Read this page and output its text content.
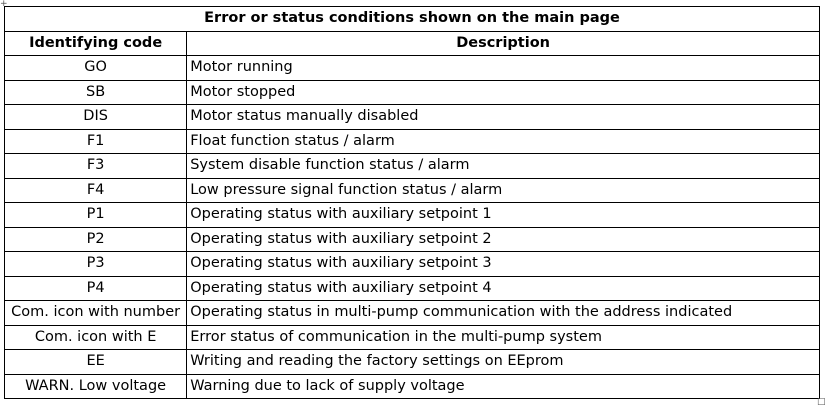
+
Error or status conditions shown on the main page	
Identifying code	Description
GO	Motor running
SB	Motor stopped
DIS	Motor status manually disabled
F1	Float function status / alarm
F3	System disable function status / alarm
F4	Low pressure signal function status / alarm
P1	Operating status with auxiliary setpoint 1
P2	Operating status with auxiliary setpoint 2
P3	Operating status with auxiliary setpoint 3
P4	Operating status with auxiliary setpoint 4
Com. icon with number	Operating status in multi-pump communication with the address indicated
Com. icon with E	Error status of communication in the multi-pump system
EE	Writing and reading the factory settings on EEprom
WARN. Low voltage	Warning due to lack of supply voltage
□
